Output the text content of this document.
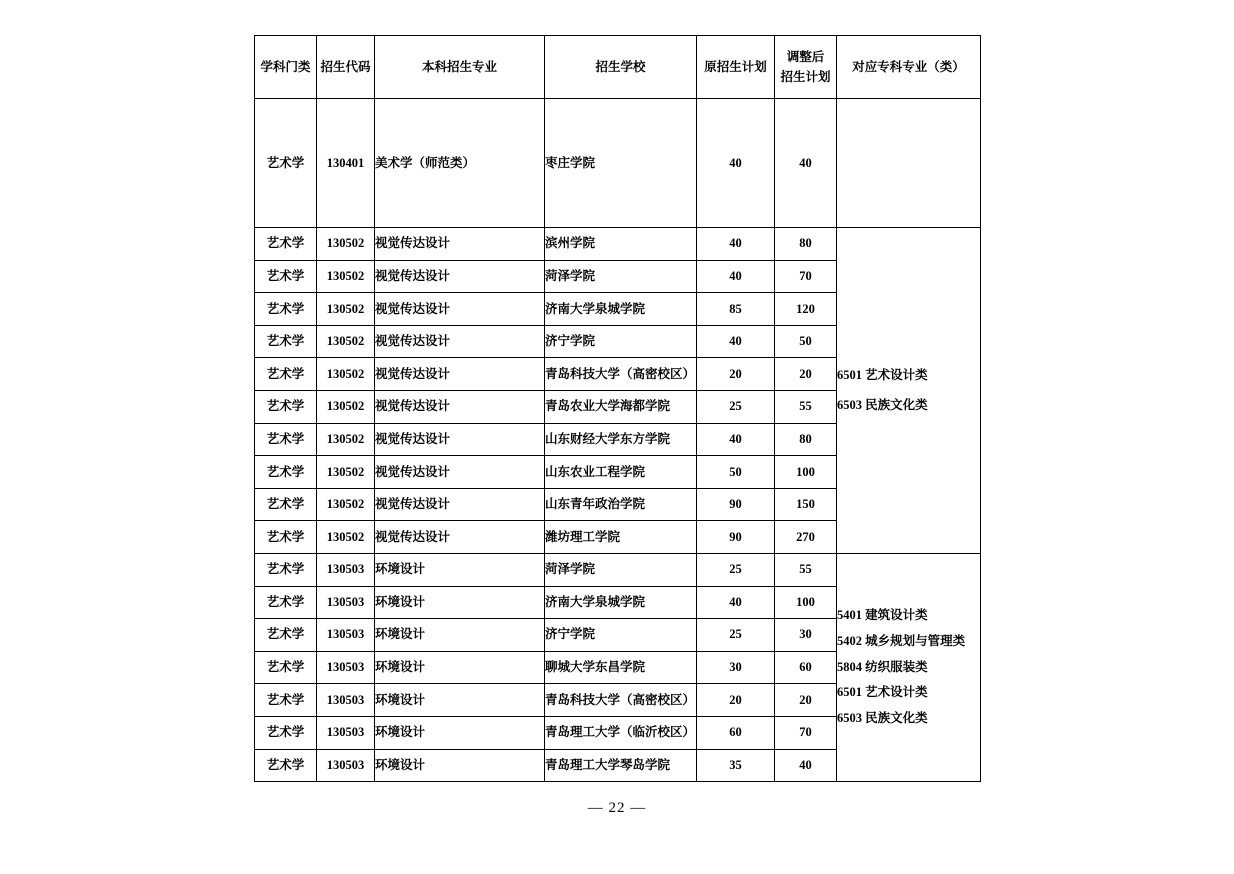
学科门类	招生代码	本科招生专业	招生学校	原招生计划	调整后
招生计划	对应专科专业（类）
艺术学	130401	美术学（师范类）	枣庄学院	40	40	
艺术学	130502	视觉传达设计	滨州学院	40	80	6501 艺术设计类
6503 民族文化类

艺术学	130502	视觉传达设计	菏泽学院	40	70	
艺术学	130502	视觉传达设计	济南大学泉城学院	85	120	
艺术学	130502	视觉传达设计	济宁学院	40	50	
艺术学	130502	视觉传达设计	青岛科技大学（高密校区）	20	20	
艺术学	130502	视觉传达设计	青岛农业大学海都学院	25	55	
艺术学	130502	视觉传达设计	山东财经大学东方学院	40	80	
艺术学	130502	视觉传达设计	山东农业工程学院	50	100	
艺术学	130502	视觉传达设计	山东青年政治学院	90	150	
艺术学	130502	视觉传达设计	潍坊理工学院	90	270	
艺术学	130503	环境设计	菏泽学院	25	55	5401 建筑设计类
5402 城乡规划与管理类
5804 纺织服装类
6501 艺术设计类
6503 民族文化类

艺术学	130503	环境设计	济南大学泉城学院	40	100	
艺术学	130503	环境设计	济宁学院	25	30	
艺术学	130503	环境设计	聊城大学东昌学院	30	60	
艺术学	130503	环境设计	青岛科技大学（高密校区）	20	20	
艺术学	130503	环境设计	青岛理工大学（临沂校区）	60	70	
艺术学	130503	环境设计	青岛理工大学琴岛学院	35	40	
— 22 —
